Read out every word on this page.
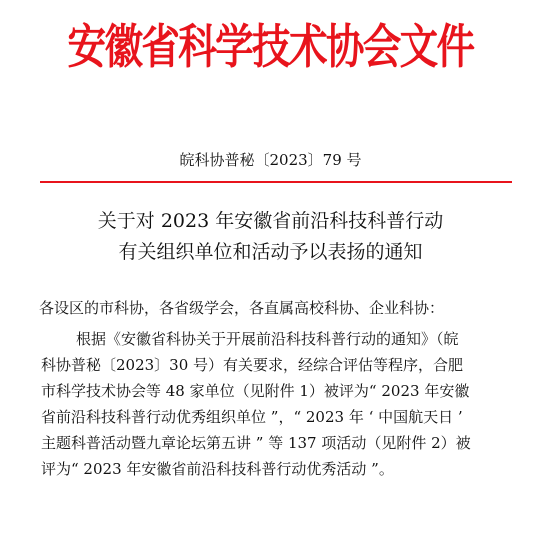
安徽省科学技术协会文件
皖科协普秘〔2023〕79 号
关于对 2023 年安徽省前沿科技科普行动
有关组织单位和活动予以表扬的通知
各设区的市科协，各省级学会，各直属高校科协、企业科协：
根据《安徽省科协关于开展前沿科技科普行动的通知》（皖
科协普秘〔2023〕30 号）有关要求，经综合评估等程序，合肥
市科学技术协会等 48 家单位（见附件 1）被评为“ 2023 年安徽
省前沿科技科普行动优秀组织单位 ”，“ 2023 年 ‘ 中国航天日 ’
主题科普活动暨九章论坛第五讲 ” 等 137 项活动（见附件 2）被
评为“ 2023 年安徽省前沿科技科普行动优秀活动 ”。
